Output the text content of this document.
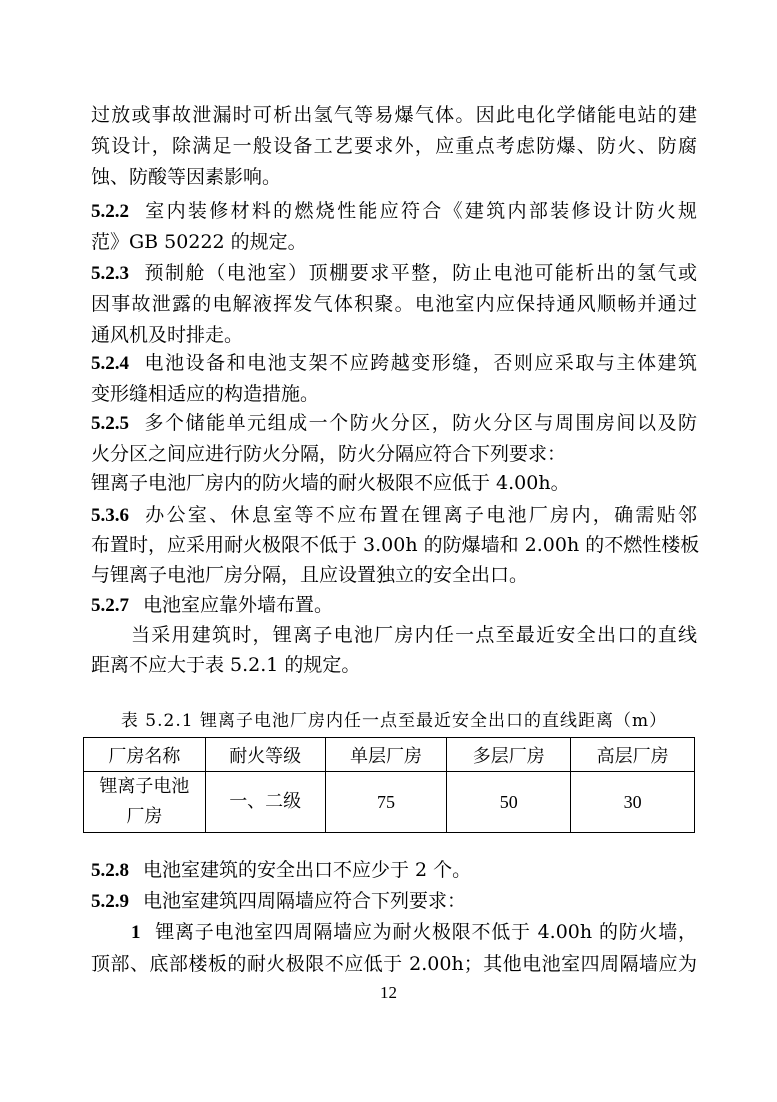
过放或事故泄漏时可析出氢气等易爆气体。因此电化学储能电站的建
筑设计，除满足一般设备工艺要求外，应重点考虑防爆、防火、防腐
蚀、防酸等因素影响。
5.2.2 室内装修材料的燃烧性能应符合《建筑内部装修设计防火规
范》GB 50222 的规定。
5.2.3 预制舱（电池室）顶棚要求平整，防止电池可能析出的氢气或
因事故泄露的电解液挥发气体积聚。电池室内应保持通风顺畅并通过
通风机及时排走。
5.2.4 电池设备和电池支架不应跨越变形缝，否则应采取与主体建筑
变形缝相适应的构造措施。
5.2.5 多个储能单元组成一个防火分区，防火分区与周围房间以及防
火分区之间应进行防火分隔，防火分隔应符合下列要求：
锂离子电池厂房内的防火墙的耐火极限不应低于 4.00h。
5.3.6 办公室、休息室等不应布置在锂离子电池厂房内，确需贴邻
布置时，应采用耐火极限不低于 3.00h 的防爆墙和 2.00h 的不燃性楼板
与锂离子电池厂房分隔，且应设置独立的安全出口。
5.2.7 电池室应靠外墙布置。
当采用建筑时，锂离子电池厂房内任一点至最近安全出口的直线
距离不应大于表 5.2.1 的规定。
表 5.2.1 锂离子电池厂房内任一点至最近安全出口的直线距离（m）
厂房名称	耐火等级	单层厂房	多层厂房	高层厂房

锂离子电池
厂房	一、二级	75	50	30
5.2.8 电池室建筑的安全出口不应少于 2 个。
5.2.9 电池室建筑四周隔墙应符合下列要求：
1 锂离子电池室四周隔墙应为耐火极限不低于 4.00h 的防火墙，
顶部、底部楼板的耐火极限不应低于 2.00h；其他电池室四周隔墙应为
12
